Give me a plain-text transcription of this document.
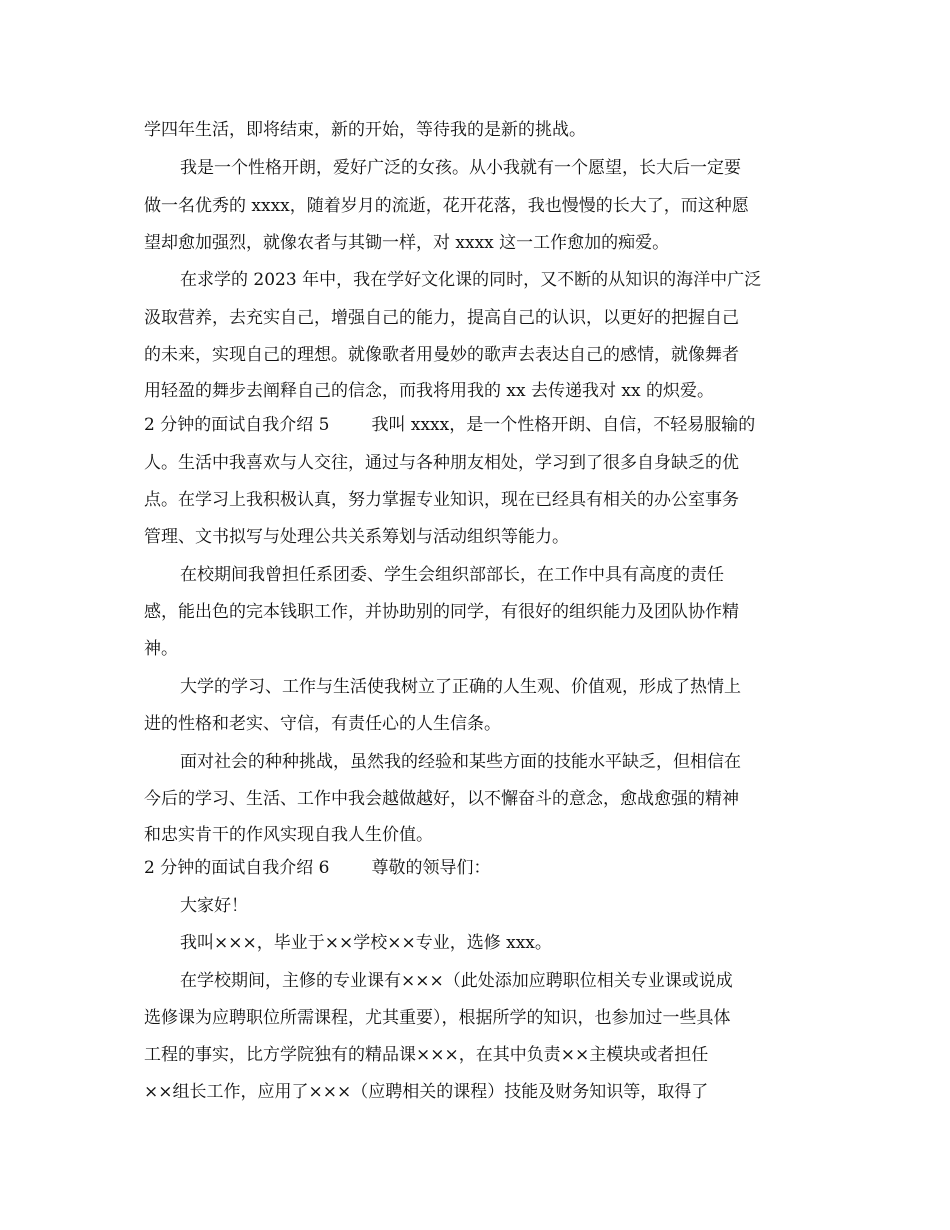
学四年生活，即将结束，新的开始，等待我的是新的挑战。

我是一个性格开朗，爱好广泛的女孩。从小我就有一个愿望，长大后一定要

做一名优秀的 xxxx，随着岁月的流逝，花开花落，我也慢慢的长大了，而这种愿

望却愈加强烈，就像农者与其锄一样，对 xxxx 这一工作愈加的痴爱。

在求学的 2023 年中，我在学好文化课的同时，又不断的从知识的海洋中广泛

汲取营养，去充实自己，增强自己的能力，提高自己的认识，以更好的把握自己

的未来，实现自己的理想。就像歌者用曼妙的歌声去表达自己的感情，就像舞者

用轻盈的舞步去阐释自己的信念，而我将用我的 xx 去传递我对 xx 的炽爱。

2 分钟的面试自我介绍 5 我叫 xxxx，是一个性格开朗、自信，不轻易服输的

人。生活中我喜欢与人交往，通过与各种朋友相处，学习到了很多自身缺乏的优

点。在学习上我积极认真，努力掌握专业知识，现在已经具有相关的办公室事务

管理、文书拟写与处理公共关系筹划与活动组织等能力。

在校期间我曾担任系团委、学生会组织部部长，在工作中具有高度的责任

感，能出色的完本钱职工作，并协助别的同学，有很好的组织能力及团队协作精

神。

大学的学习、工作与生活使我树立了正确的人生观、价值观，形成了热情上

进的性格和老实、守信，有责任心的人生信条。

面对社会的种种挑战，虽然我的经验和某些方面的技能水平缺乏，但相信在

今后的学习、生活、工作中我会越做越好，以不懈奋斗的意念，愈战愈强的精神

和忠实肯干的作风实现自我人生价值。

2 分钟的面试自我介绍 6 尊敬的领导们：

大家好！

我叫×××，毕业于××学校××专业，选修 xxx。

在学校期间，主修的专业课有×××（此处添加应聘职位相关专业课或说成

选修课为应聘职位所需课程，尤其重要），根据所学的知识，也参加过一些具体

工程的事实，比方学院独有的精品课×××，在其中负责××主模块或者担任

××组长工作，应用了×××（应聘相关的课程）技能及财务知识等，取得了
